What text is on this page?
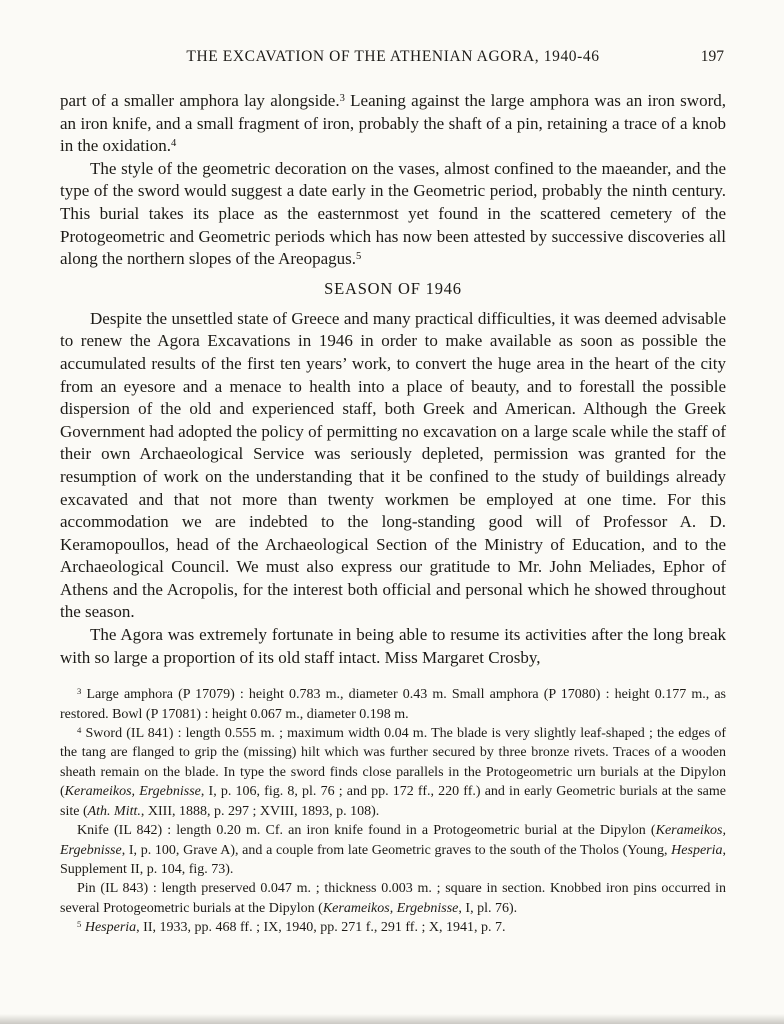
THE EXCAVATION OF THE ATHENIAN AGORA, 1940-46	197

part of a smaller amphora lay alongside.$^3$ Leaning against the large amphora was an iron sword, an iron knife, and a small fragment of iron, probably the shaft of a pin, retaining a trace of a knob in the oxidation.$^4$

The style of the geometric decoration on the vases, almost confined to the maeander, and the type of the sword would suggest a date early in the Geometric period, probably the ninth century. This burial takes its place as the easternmost yet found in the scattered cemetery of the Protogeometric and Geometric periods which has now been attested by successive discoveries all along the northern slopes of the Areopagus.$^5$

SEASON OF 1946

Despite the unsettled state of Greece and many practical difficulties, it was deemed advisable to renew the Agora Excavations in 1946 in order to make available as soon as possible the accumulated results of the first ten years’ work, to convert the huge area in the heart of the city from an eyesore and a menace to health into a place of beauty, and to forestall the possible dispersion of the old and experienced staff, both Greek and American. Although the Greek Government had adopted the policy of permitting no excavation on a large scale while the staff of their own Archaeological Service was seriously depleted, permission was granted for the resumption of work on the understanding that it be confined to the study of buildings already excavated and that not more than twenty workmen be employed at one time. For this accommodation we are indebted to the long-standing good will of Professor A. D. Keramopoullos, head of the Archaeological Section of the Ministry of Education, and to the Archaeological Council. We must also express our gratitude to Mr. John Meliades, Ephor of Athens and the Acropolis, for the interest both official and personal which he showed throughout the season.

The Agora was extremely fortunate in being able to resume its activities after the long break with so large a proportion of its old staff intact. Miss Margaret Crosby,

$^3$ Large amphora (P 17079) : height 0.783 m., diameter 0.43 m. Small amphora (P 17080) : height 0.177 m., as restored. Bowl (P 17081) : height 0.067 m., diameter 0.198 m.

$^4$ Sword (IL 841) : length 0.555 m. ; maximum width 0.04 m. The blade is very slightly leaf-shaped ; the edges of the tang are flanged to grip the (missing) hilt which was further secured by three bronze rivets. Traces of a wooden sheath remain on the blade. In type the sword finds close parallels in the Protogeometric urn burials at the Dipylon (Kerameikos, Ergebnisse, I, p. 106, fig. 8, pl. 76 ; and pp. 172 ff., 220 ff.) and in early Geometric burials at the same site (Ath. Mitt., XIII, 1888, p. 297 ; XVIII, 1893, p. 108).

Knife (IL 842) : length 0.20 m. Cf. an iron knife found in a Protogeometric burial at the Dipylon (Kerameikos, Ergebnisse, I, p. 100, Grave A), and a couple from late Geometric graves to the south of the Tholos (Young, Hesperia, Supplement II, p. 104, fig. 73).

Pin (IL 843) : length preserved 0.047 m. ; thickness 0.003 m. ; square in section. Knobbed iron pins occurred in several Protogeometric burials at the Dipylon (Kerameikos, Ergebnisse, I, pl. 76).

$^5$ Hesperia, II, 1933, pp. 468 ff. ; IX, 1940, pp. 271 f., 291 ff. ; X, 1941, p. 7.
